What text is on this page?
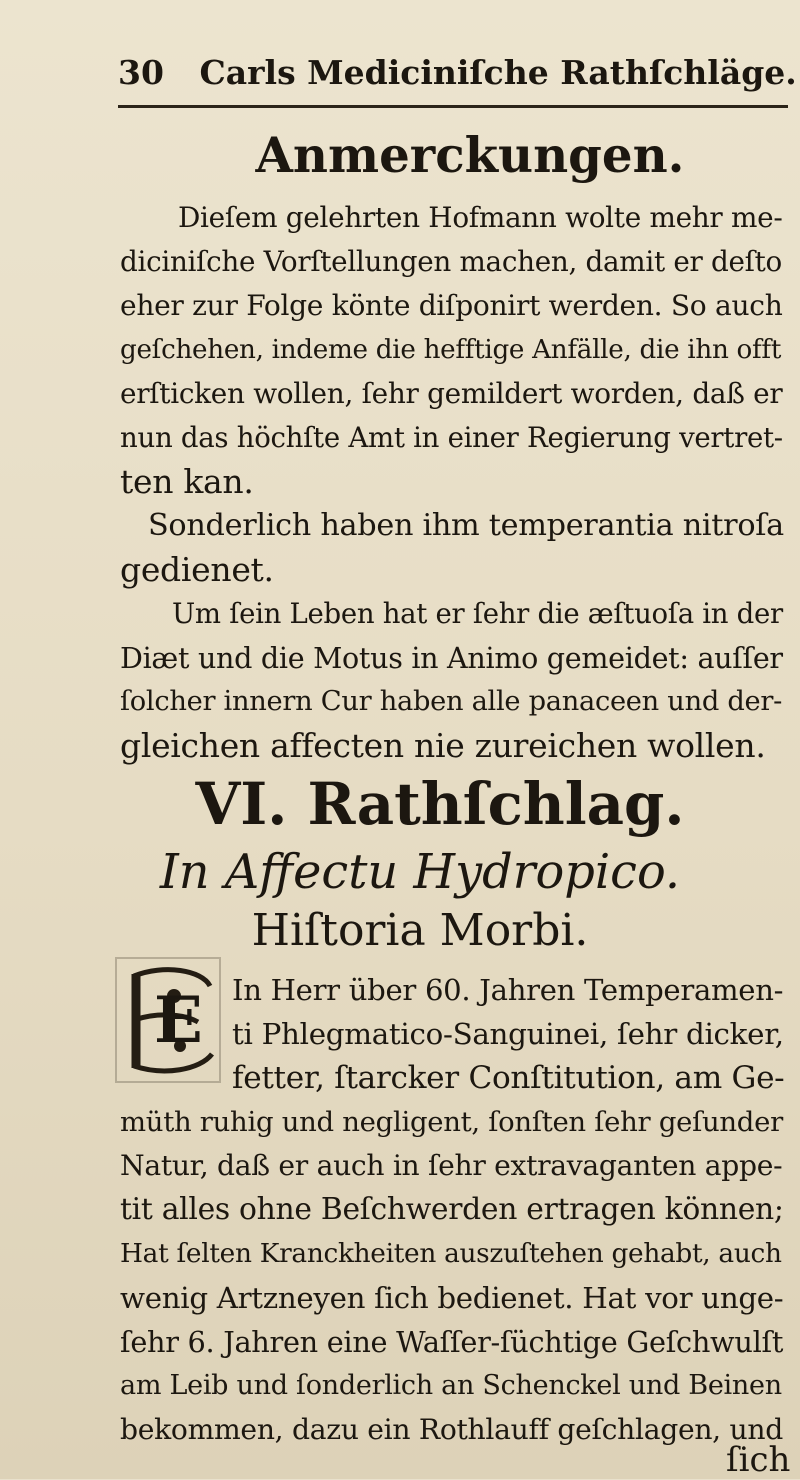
30 Carls Mediciniſche Rathſchläge.
Anmerckungen.
Dieſem gelehrten Hofmann wolte mehr me-
diciniſche Vorſtellungen machen, damit er deſto
eher zur Folge könte diſponirt werden. So auch
geſchehen, indeme die hefftige Anfälle, die ihn offt
erſticken wollen, ſehr gemildert worden, daß er
nun das höchſte Amt in einer Regierung vertret-
ten kan.
Sonderlich haben ihm temperantia nitroſa
gedienet.
Um ſein Leben hat er ſehr die æſtuoſa in der
Diæt und die Motus in Animo gemeidet: auſſer
ſolcher innern Cur haben alle panaceen und der-
gleichen affecten nie zureichen wollen.
VI. Rathſchlag.
In Affectu Hydropico.
Hiſtoria Morbi.
E In Herr über 60. Jahren Temperamen-
ti Phlegmatico-Sanguinei, ſehr dicker,
fetter, ſtarcker Conſtitution, am Ge-
müth ruhig und negligent, ſonſten ſehr geſunder
Natur, daß er auch in ſehr extravaganten appe-
tit alles ohne Beſchwerden ertragen können;
Hat ſelten Kranckheiten auszuſtehen gehabt, auch
wenig Artzneyen ſich bedienet. Hat vor unge-
ſehr 6. Jahren eine Waſſer-ſüchtige Geſchwulſt
am Leib und ſonderlich an Schenckel und Beinen
bekommen, dazu ein Rothlauff geſchlagen, und
ſich
